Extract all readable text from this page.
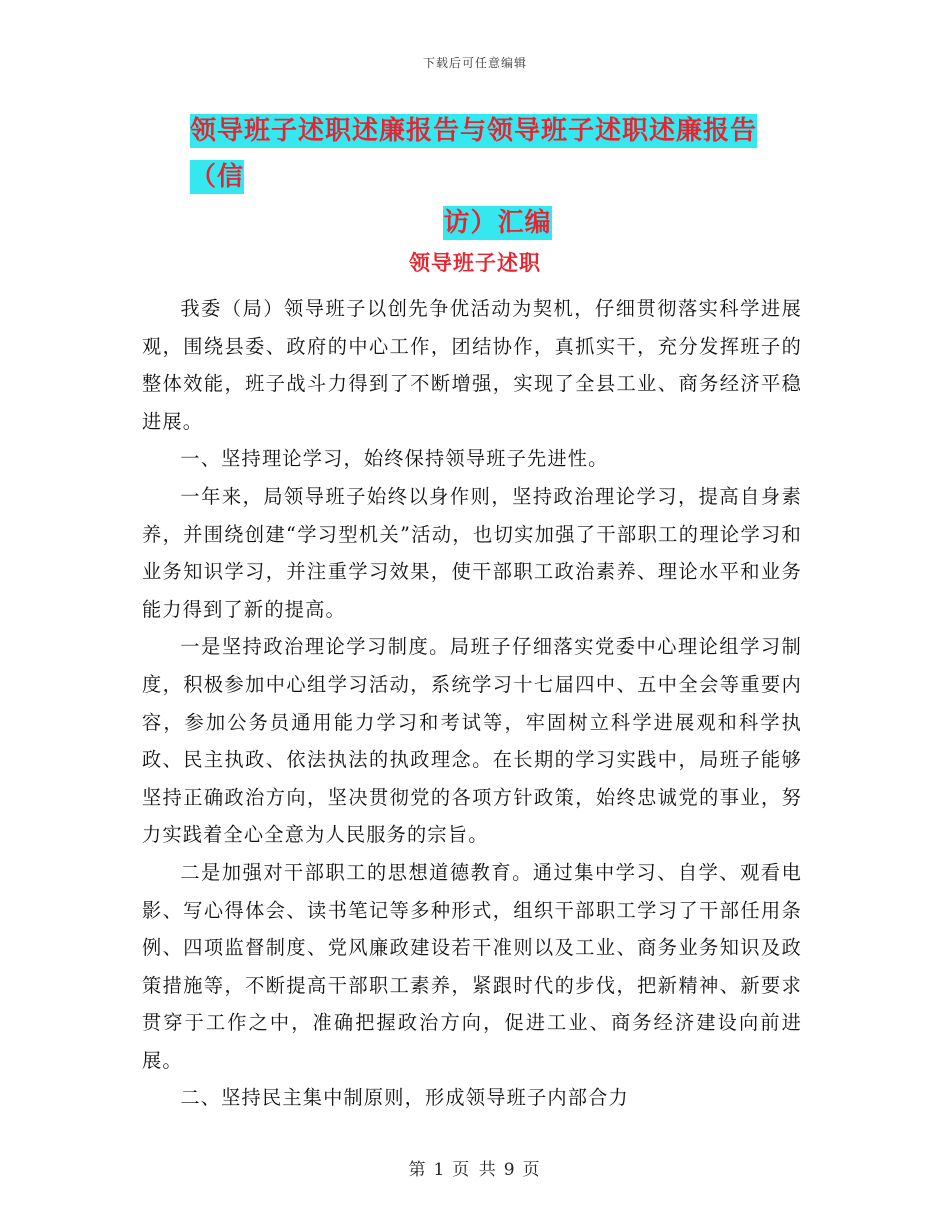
下载后可任意编辑
领导班子述职述廉报告与领导班子述职述廉报告（信

访）汇编
领导班子述职

我委（局）领导班子以创先争优活动为契机，仔细贯彻落实科学进展观，围绕县委、政府的中心工作，团结协作，真抓实干，充分发挥班子的整体效能，班子战斗力得到了不断增强，实现了全县工业、商务经济平稳进展。

一、坚持理论学习，始终保持领导班子先进性。

一年来，局领导班子始终以身作则，坚持政治理论学习，提高自身素养，并围绕创建“学习型机关”活动，也切实加强了干部职工的理论学习和业务知识学习，并注重学习效果，使干部职工政治素养、理论水平和业务能力得到了新的提高。

一是坚持政治理论学习制度。局班子仔细落实党委中心理论组学习制度，积极参加中心组学习活动，系统学习十七届四中、五中全会等重要内容，参加公务员通用能力学习和考试等，牢固树立科学进展观和科学执政、民主执政、依法执法的执政理念。在长期的学习实践中，局班子能够坚持正确政治方向，坚决贯彻党的各项方针政策，始终忠诚党的事业，努力实践着全心全意为人民服务的宗旨。

二是加强对干部职工的思想道德教育。通过集中学习、自学、观看电影、写心得体会、读书笔记等多种形式，组织干部职工学习了干部任用条例、四项监督制度、党风廉政建设若干准则以及工业、商务业务知识及政策措施等，不断提高干部职工素养，紧跟时代的步伐，把新精神、新要求贯穿于工作之中，准确把握政治方向，促进工业、商务经济建设向前进展。

二、坚持民主集中制原则，形成领导班子内部合力

第 1 页 共 9 页
